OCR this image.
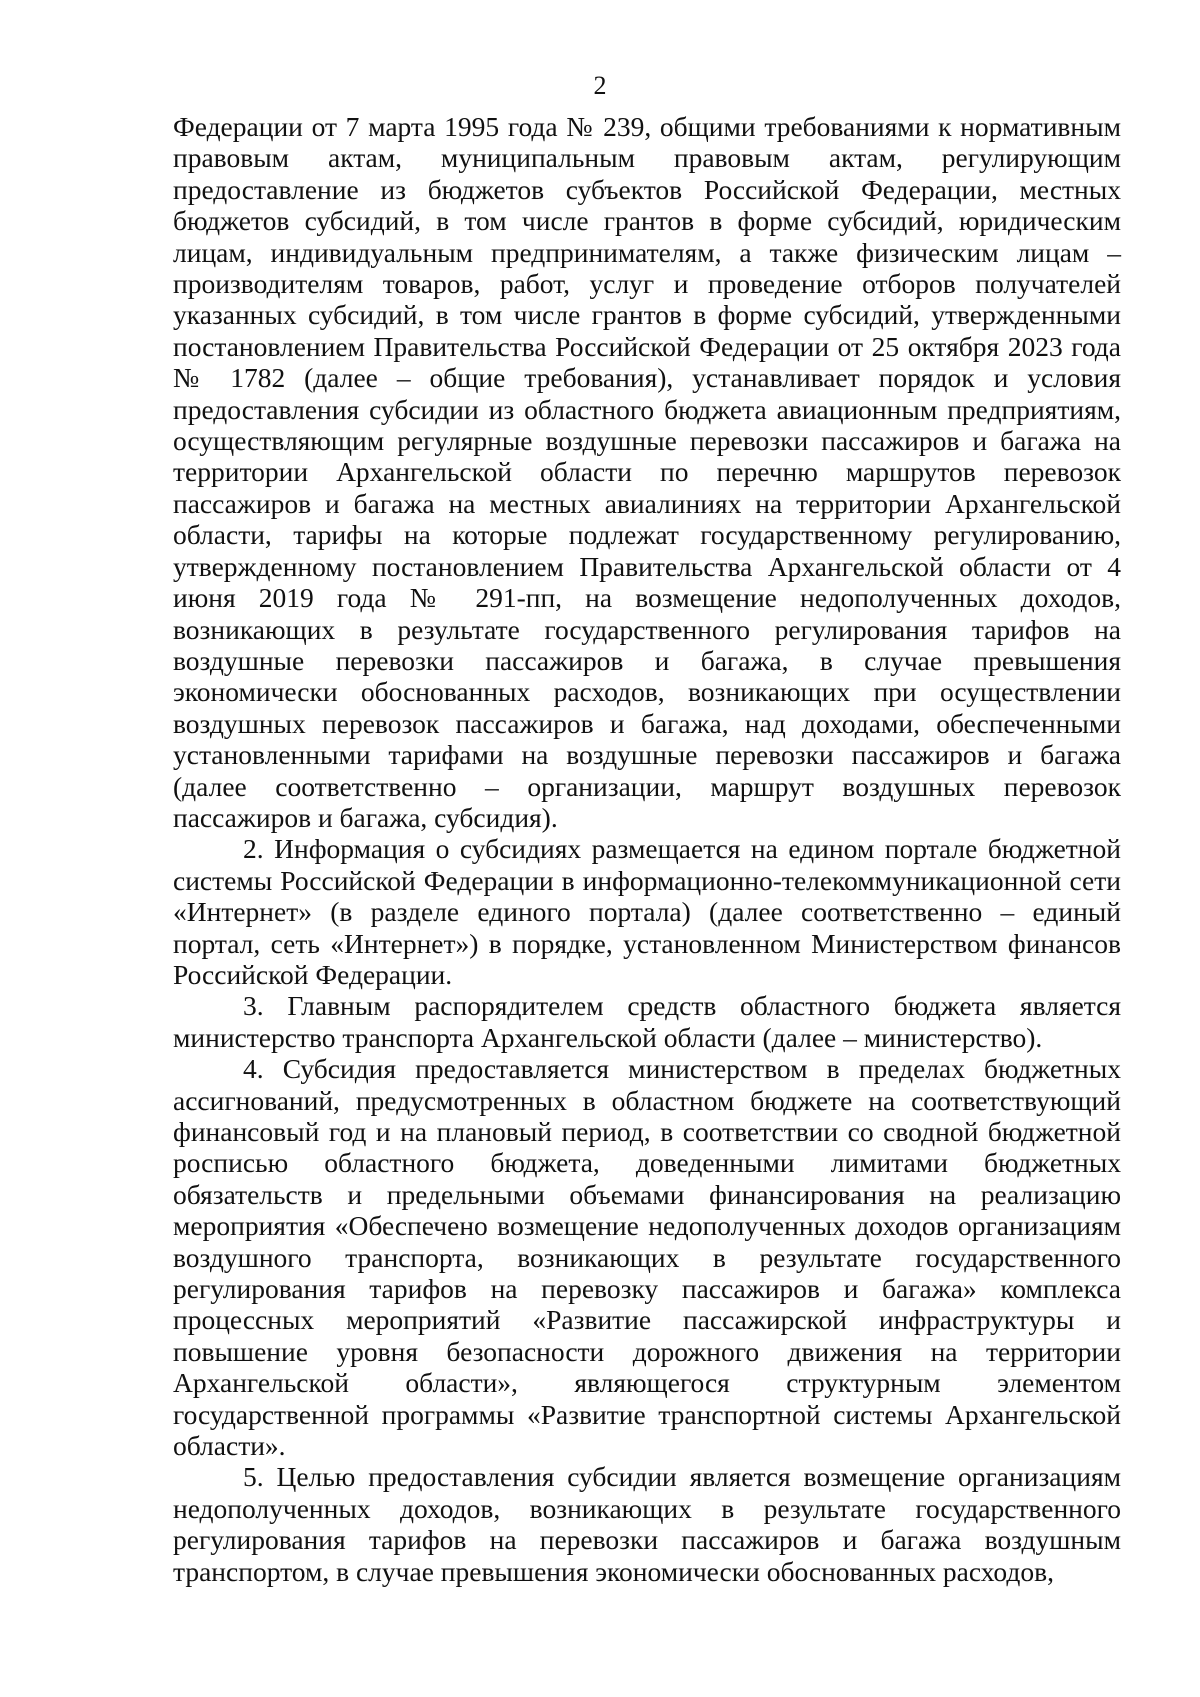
2

Федерации от 7 марта 1995 года № 239, общими требованиями к нормативным правовым актам, муниципальным правовым актам, регулирующим предоставление из бюджетов субъектов Российской Федерации, местных бюджетов субсидий, в том числе грантов в форме субсидий, юридическим лицам, индивидуальным предпринимателям, а также физическим лицам – производителям товаров, работ, услуг и проведение отборов получателей указанных субсидий, в том числе грантов в форме субсидий, утвержденными постановлением Правительства Российской Федерации от 25 октября 2023 года № 1782 (далее – общие требования), устанавливает порядок и условия предоставления субсидии из областного бюджета авиационным предприятиям, осуществляющим регулярные воздушные перевозки пассажиров и багажа на территории Архангельской области по перечню маршрутов перевозок пассажиров и багажа на местных авиалиниях на территории Архангельской области, тарифы на которые подлежат государственному регулированию, утвержденному постановлением Правительства Архангельской области от 4 июня 2019 года № 291-пп, на возмещение недополученных доходов, возникающих в результате государственного регулирования тарифов на воздушные перевозки пассажиров и багажа, в случае превышения экономически обоснованных расходов, возникающих при осуществлении воздушных перевозок пассажиров и багажа, над доходами, обеспеченными установленными тарифами на воздушные перевозки пассажиров и багажа (далее соответственно – организации, маршрут воздушных перевозок пассажиров и багажа, субсидия).

2. Информация о субсидиях размещается на едином портале бюджетной системы Российской Федерации в информационно-телекоммуникационной сети «Интернет» (в разделе единого портала) (далее соответственно – единый портал, сеть «Интернет») в порядке, установленном Министерством финансов Российской Федерации.

3. Главным распорядителем средств областного бюджета является министерство транспорта Архангельской области (далее – министерство).

4. Субсидия предоставляется министерством в пределах бюджетных ассигнований, предусмотренных в областном бюджете на соответствующий финансовый год и на плановый период, в соответствии со сводной бюджетной росписью областного бюджета, доведенными лимитами бюджетных обязательств и предельными объемами финансирования на реализацию мероприятия «Обеспечено возмещение недополученных доходов организациям воздушного транспорта, возникающих в результате государственного регулирования тарифов на перевозку пассажиров и багажа» комплекса процессных мероприятий «Развитие пассажирской инфраструктуры и повышение уровня безопасности дорожного движения на территории Архангельской области», являющегося структурным элементом государственной программы «Развитие транспортной системы Архангельской области».

5. Целью предоставления субсидии является возмещение организациям недополученных доходов, возникающих в результате государственного регулирования тарифов на перевозки пассажиров и багажа воздушным транспортом, в случае превышения экономически обоснованных расходов,
